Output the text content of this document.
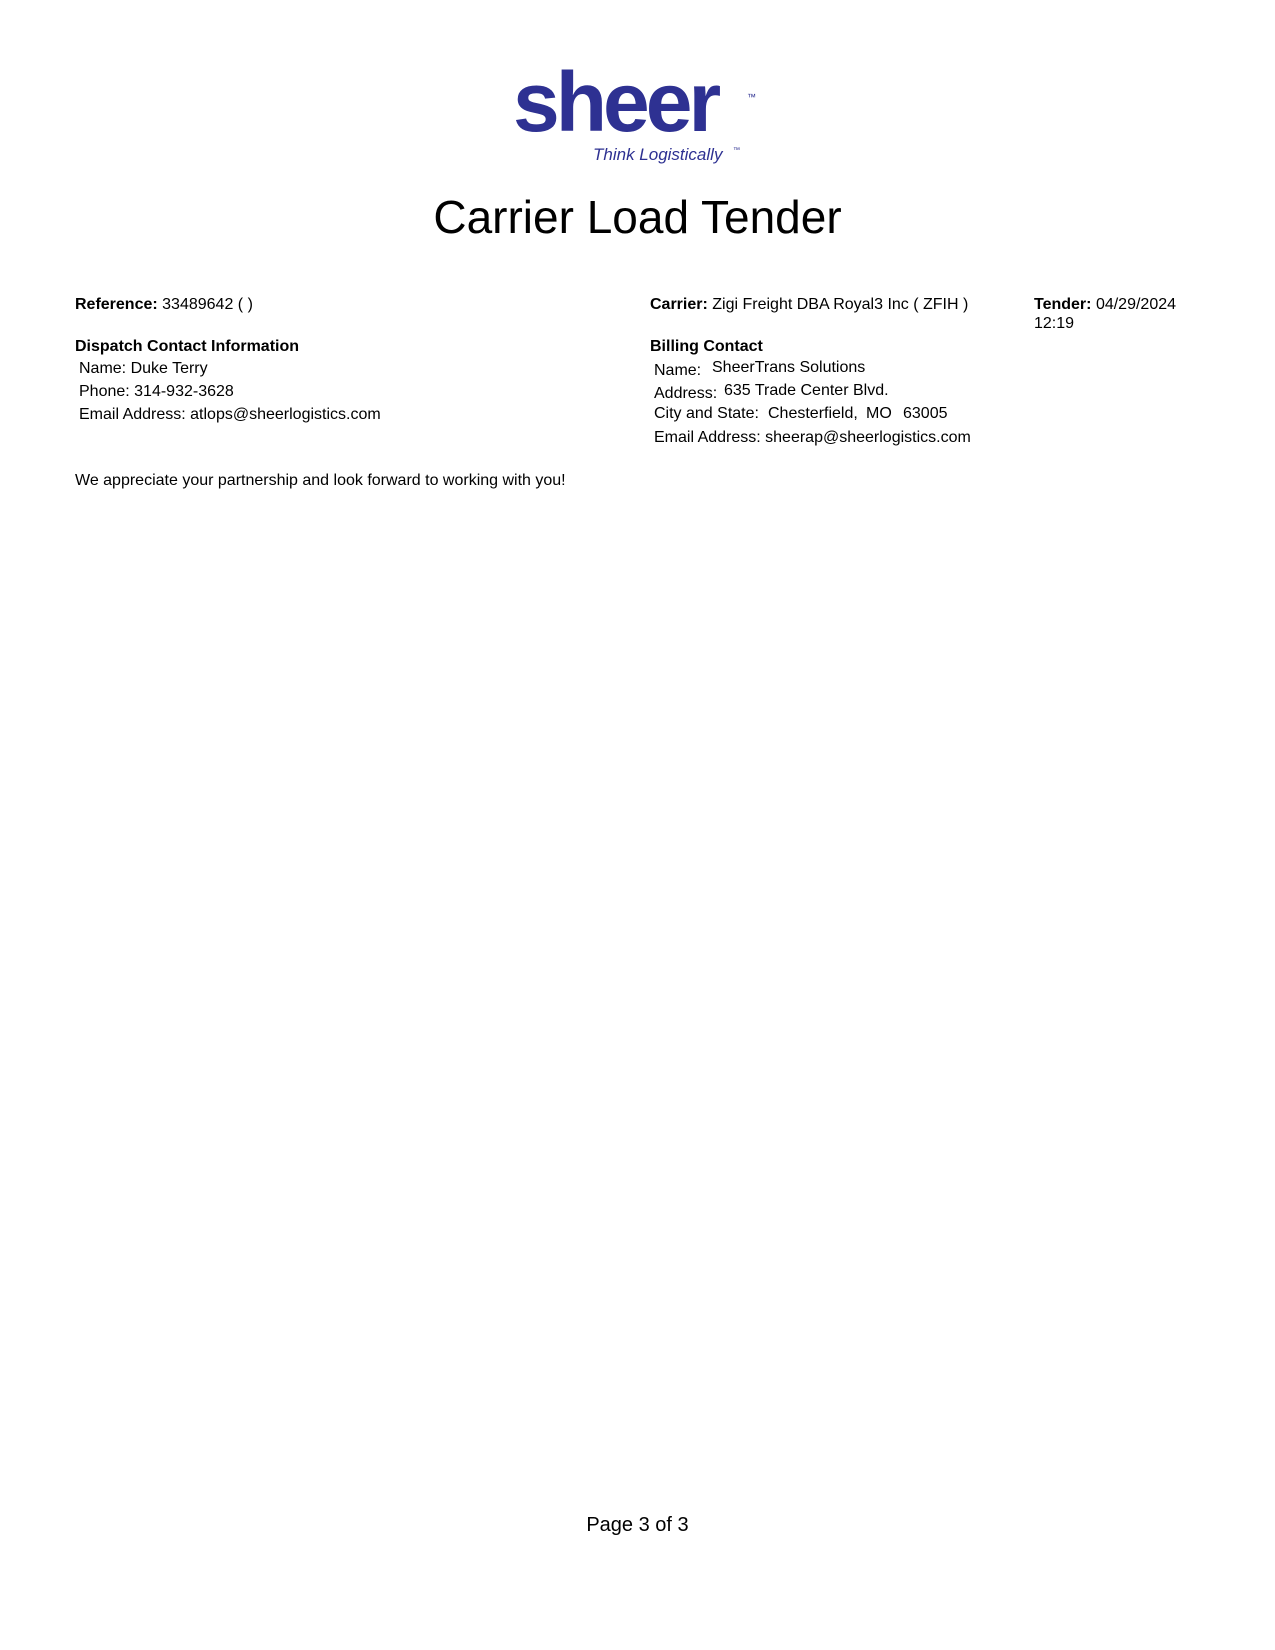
sheer	™
Think Logistically ™
Carrier Load Tender
Reference: 33489642 ( )	Carrier: Zigi Freight DBA Royal3 Inc ( ZFIH )	Tender: 04/29/2024
12:19
Dispatch Contact Information
Name: Duke Terry
Phone: 314-932-3628
Email Address: atlops@sheerlogistics.com
Billing Contact
Name: SheerTrans Solutions
Address: 635 Trade Center Blvd.
City and State: Chesterfield, MO 63005
Email Address: sheerap@sheerlogistics.com
We appreciate your partnership and look forward to working with you!
Page 3 of 3
